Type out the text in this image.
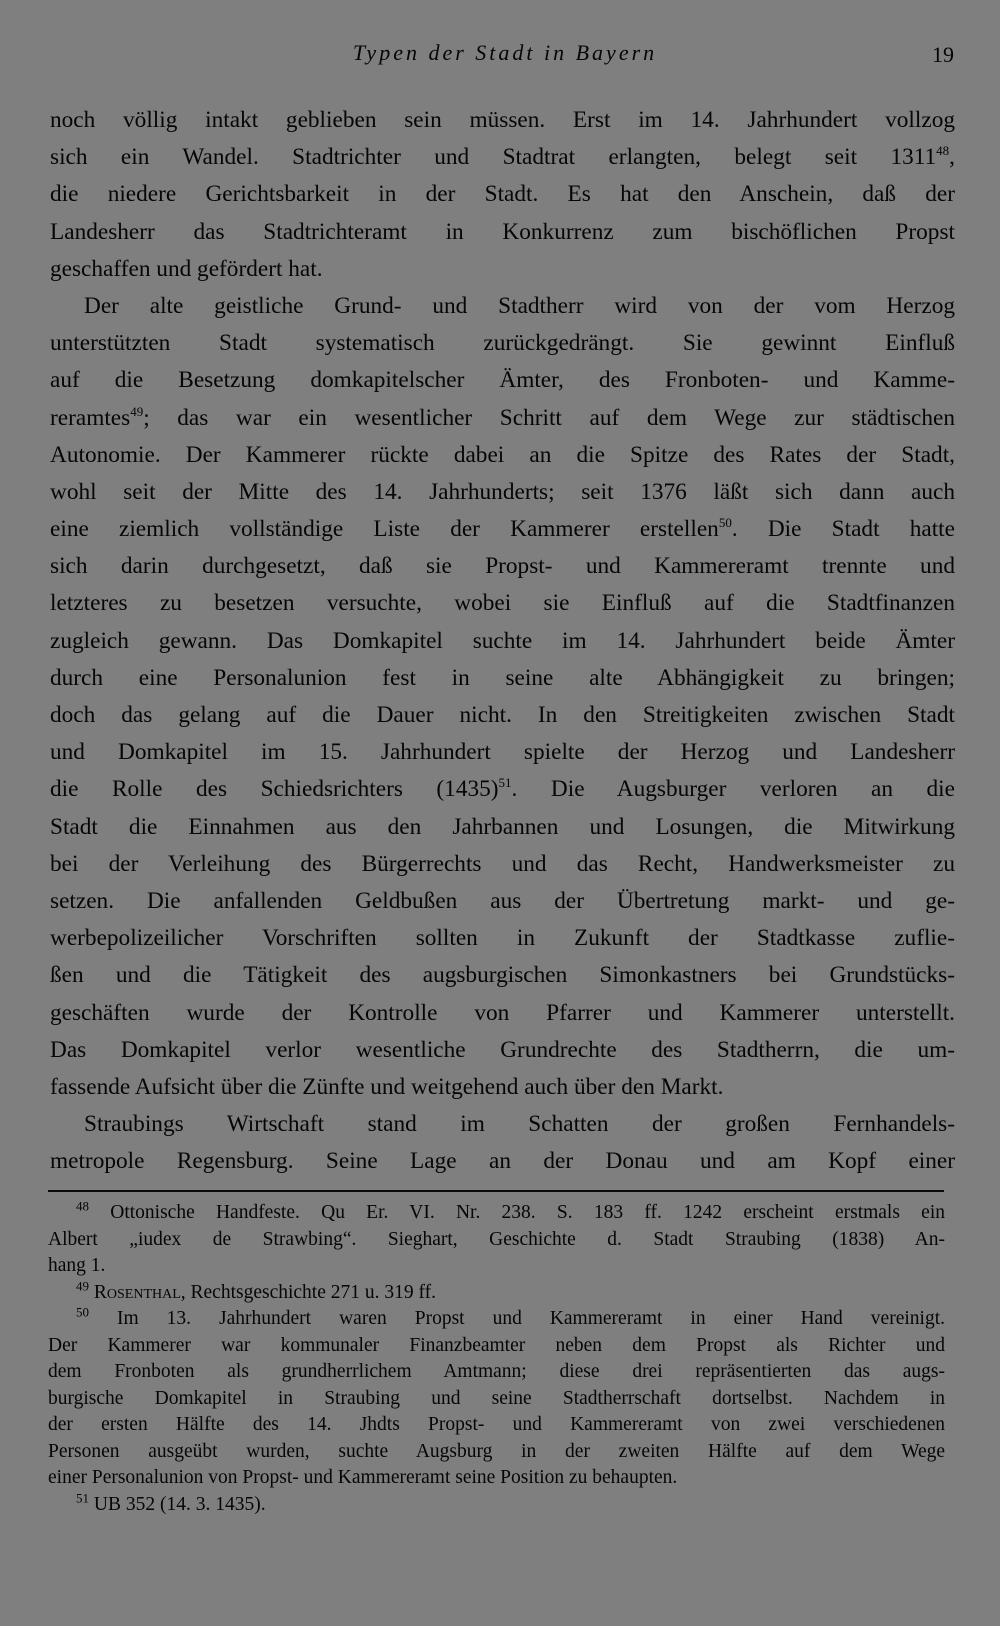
Typen der Stadt in Bayern	19
noch völlig intakt geblieben sein müssen. Erst im 14. Jahrhundert vollzog
sich ein Wandel. Stadtrichter und Stadtrat erlangten, belegt seit 1311$^{48}$,
die niedere Gerichtsbarkeit in der Stadt. Es hat den Anschein, daß der
Landesherr das Stadtrichteramt in Konkurrenz zum bischöflichen Propst
geschaffen und gefördert hat.
Der alte geistliche Grund- und Stadtherr wird von der vom Herzog
unterstützten Stadt systematisch zurückgedrängt. Sie gewinnt Einfluß
auf die Besetzung domkapitelscher Ämter, des Fronboten- und Kamme-
reramtes$^{49}$; das war ein wesentlicher Schritt auf dem Wege zur städtischen
Autonomie. Der Kammerer rückte dabei an die Spitze des Rates der Stadt,
wohl seit der Mitte des 14. Jahrhunderts; seit 1376 läßt sich dann auch
eine ziemlich vollständige Liste der Kammerer erstellen$^{50}$. Die Stadt hatte
sich darin durchgesetzt, daß sie Propst- und Kammereramt trennte und
letzteres zu besetzen versuchte, wobei sie Einfluß auf die Stadtfinanzen
zugleich gewann. Das Domkapitel suchte im 14. Jahrhundert beide Ämter
durch eine Personalunion fest in seine alte Abhängigkeit zu bringen;
doch das gelang auf die Dauer nicht. In den Streitigkeiten zwischen Stadt
und Domkapitel im 15. Jahrhundert spielte der Herzog und Landesherr
die Rolle des Schiedsrichters $(1435)^{51}$. Die Augsburger verloren an die
Stadt die Einnahmen aus den Jahrbannen und Losungen, die Mitwirkung
bei der Verleihung des Bürgerrechts und das Recht, Handwerksmeister zu
setzen. Die anfallenden Geldbußen aus der Übertretung markt- und ge-
werbepolizeilicher Vorschriften sollten in Zukunft der Stadtkasse zuflie-
ßen und die Tätigkeit des augsburgischen Simonkastners bei Grundstücks-
geschäften wurde der Kontrolle von Pfarrer und Kammerer unterstellt.
Das Domkapitel verlor wesentliche Grundrechte des Stadtherrn, die um-
fassende Aufsicht über die Zünfte und weitgehend auch über den Markt.
Straubings Wirtschaft stand im Schatten der großen Fernhandels-
metropole Regensburg. Seine Lage an der Donau und am Kopf einer
$^{48}$ Ottonische Handfeste. Qu Er. VI. Nr. 238. S. 183 ff. 1242 erscheint erstmals ein
Albert „iudex de Strawbing“. Sieghart, Geschichte d. Stadt Straubing (1838) An-
hang 1.
$^{49}$ Rosenthal, Rechtsgeschichte 271 u. 319 ff.
$^{50}$ Im 13. Jahrhundert waren Propst und Kammereramt in einer Hand vereinigt.
Der Kammerer war kommunaler Finanzbeamter neben dem Propst als Richter und
dem Fronboten als grundherrlichem Amtmann; diese drei repräsentierten das augs-
burgische Domkapitel in Straubing und seine Stadtherrschaft dortselbst. Nachdem in
der ersten Hälfte des 14. Jhdts Propst- und Kammereramt von zwei verschiedenen
Personen ausgeübt wurden, suchte Augsburg in der zweiten Hälfte auf dem Wege
einer Personalunion von Propst- und Kammereramt seine Position zu behaupten.
$^{51}$ UB 352 (14. 3. 1435).
